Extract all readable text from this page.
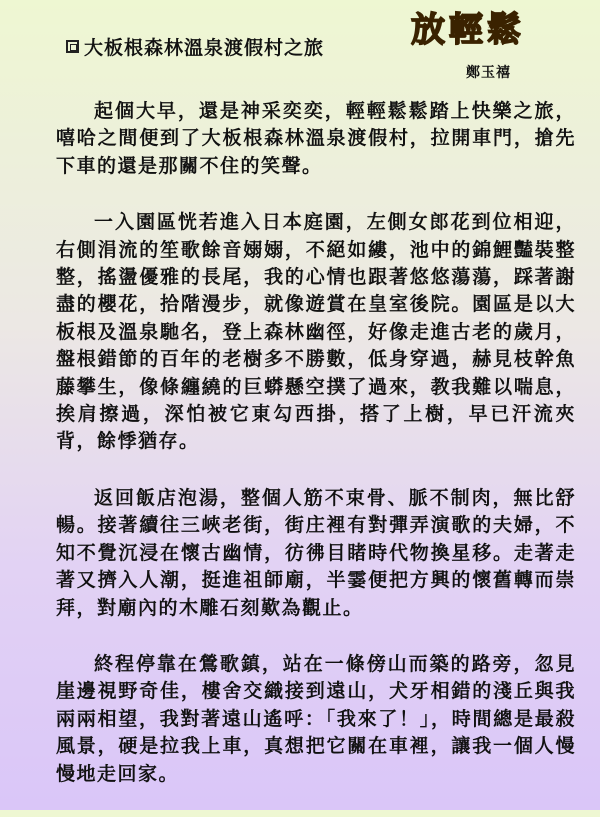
大板根森林溫泉渡假村之旅	放輕鬆
鄭玉禧

起個大早，還是神采奕奕，輕輕鬆鬆踏上快樂之旅，嘻哈之間便到了大板根森林溫泉渡假村，拉開車門，搶先下車的還是那關不住的笑聲。

一入園區恍若進入日本庭園，左側女郎花到位相迎，右側涓流的笙歌餘音嫋嫋，不絕如縷，池中的錦鯉豔裝整整，搖盪優雅的長尾，我的心情也跟著悠悠蕩蕩，踩著謝盡的櫻花，拾階漫步，就像遊賞在皇室後院。園區是以大板根及溫泉馳名，登上森林幽徑，好像走進古老的歲月，盤根錯節的百年的老樹多不勝數，低身穿過，赫見枝幹魚藤攀生，像條纏繞的巨蟒懸空撲了過來，教我難以喘息，挨肩擦過，深怕被它東勾西掛，搭了上樹，早已汗流夾背，餘悸猶存。

返回飯店泡湯，整個人筋不束骨、脈不制肉，無比舒暢。接著續往三峽老街，街庄裡有對彈弄演歌的夫婦，不知不覺沉浸在懷古幽情，彷彿目睹時代物換星移。走著走著又擠入人潮，挺進祖師廟，半霎便把方興的懷舊轉而崇拜，對廟內的木雕石刻歎為觀止。

終程停靠在鶯歌鎮，站在一條傍山而築的路旁，忽見崖邊視野奇佳，樓舍交織接到遠山，犬牙相錯的淺丘與我兩兩相望，我對著遠山遙呼：「我來了！」，時間總是最殺風景，硬是拉我上車，真想把它關在車裡，讓我一個人慢慢地走回家。
